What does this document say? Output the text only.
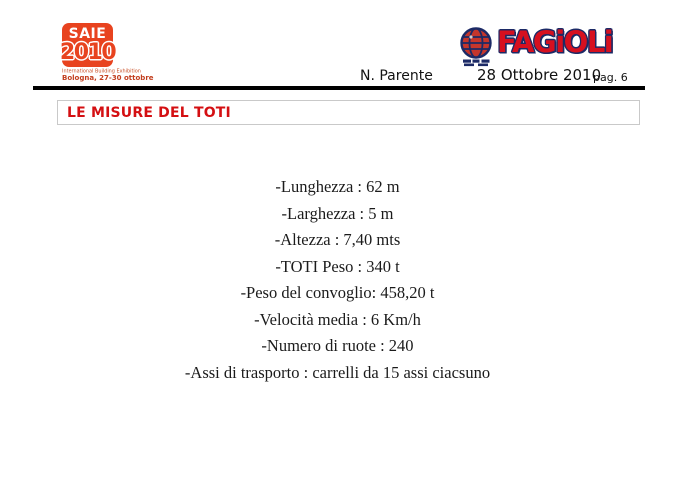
SAIE
2010
International Building Exhibition
Bologna, 27-30 ottobre
FAGiOLi
N. Parente	28 Ottobre 2010
pag. 6
LE MISURE DEL TOTI
-Lunghezza : 62 m
-Larghezza : 5 m
-Altezza : 7,40 mts
-TOTI Peso : 340 t
-Peso del convoglio: 458,20 t
-Velocità media : 6 Km/h
-Numero di ruote : 240
-Assi di trasporto : carrelli da 15 assi ciacsuno
